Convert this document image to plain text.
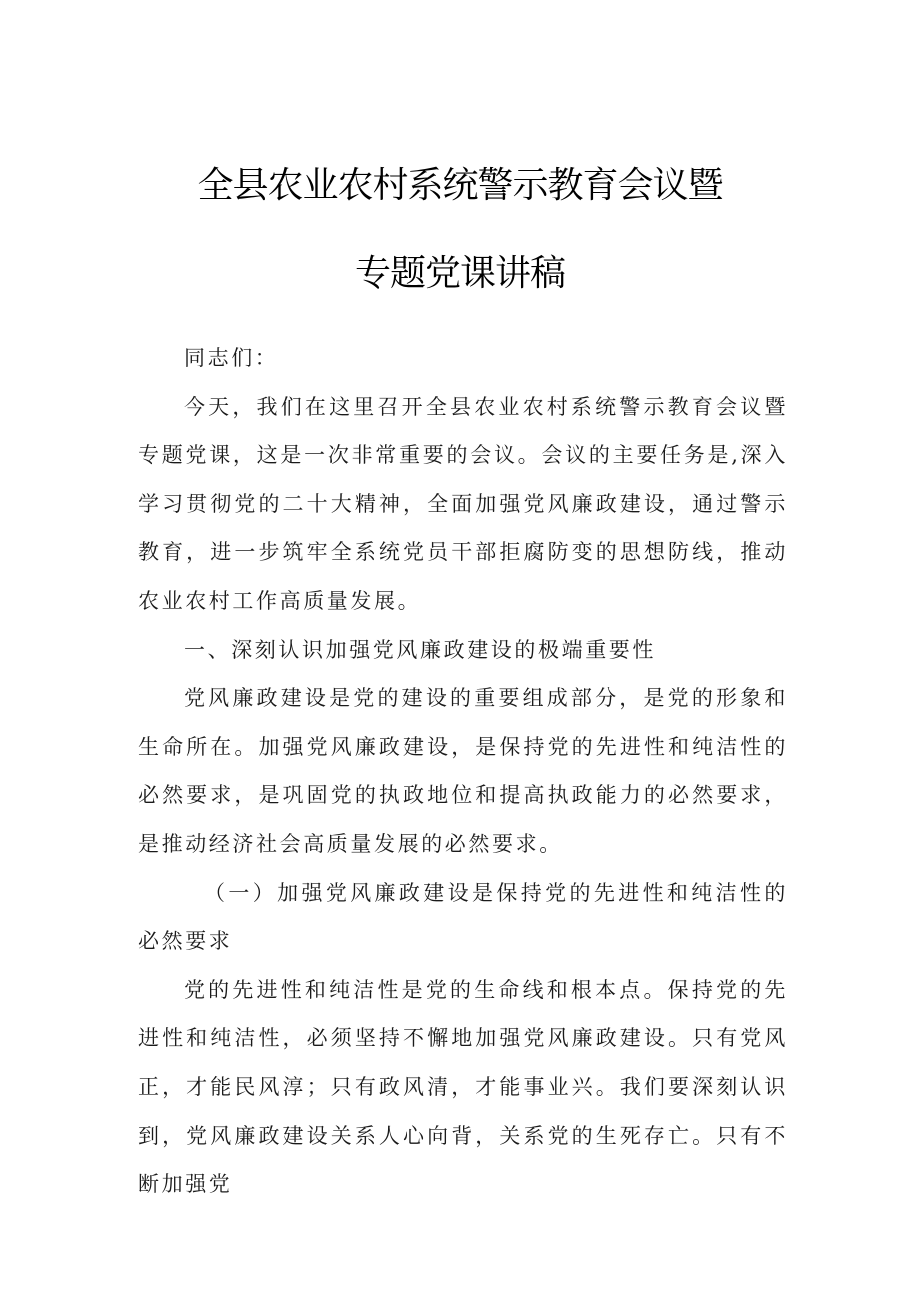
全县农业农村系统警示教育会议暨
专题党课讲稿

同志们：

今天，我们在这里召开全县农业农村系统警示教育会议暨专题党课，这是一次非常重要的会议。会议的主要任务是,深入学习贯彻党的二十大精神，全面加强党风廉政建设，通过警示教育，进一步筑牢全系统党员干部拒腐防变的思想防线，推动农业农村工作高质量发展。

一、深刻认识加强党风廉政建设的极端重要性

党风廉政建设是党的建设的重要组成部分，是党的形象和生命所在。加强党风廉政建设，是保持党的先进性和纯洁性的必然要求，是巩固党的执政地位和提高执政能力的必然要求，是推动经济社会高质量发展的必然要求。

（一）加强党风廉政建设是保持党的先进性和纯洁性的必然要求

党的先进性和纯洁性是党的生命线和根本点。保持党的先进性和纯洁性，必须坚持不懈地加强党风廉政建设。只有党风正，才能民风淳；只有政风清，才能事业兴。我们要深刻认识到，党风廉政建设关系人心向背，关系党的生死存亡。只有不断加强党
